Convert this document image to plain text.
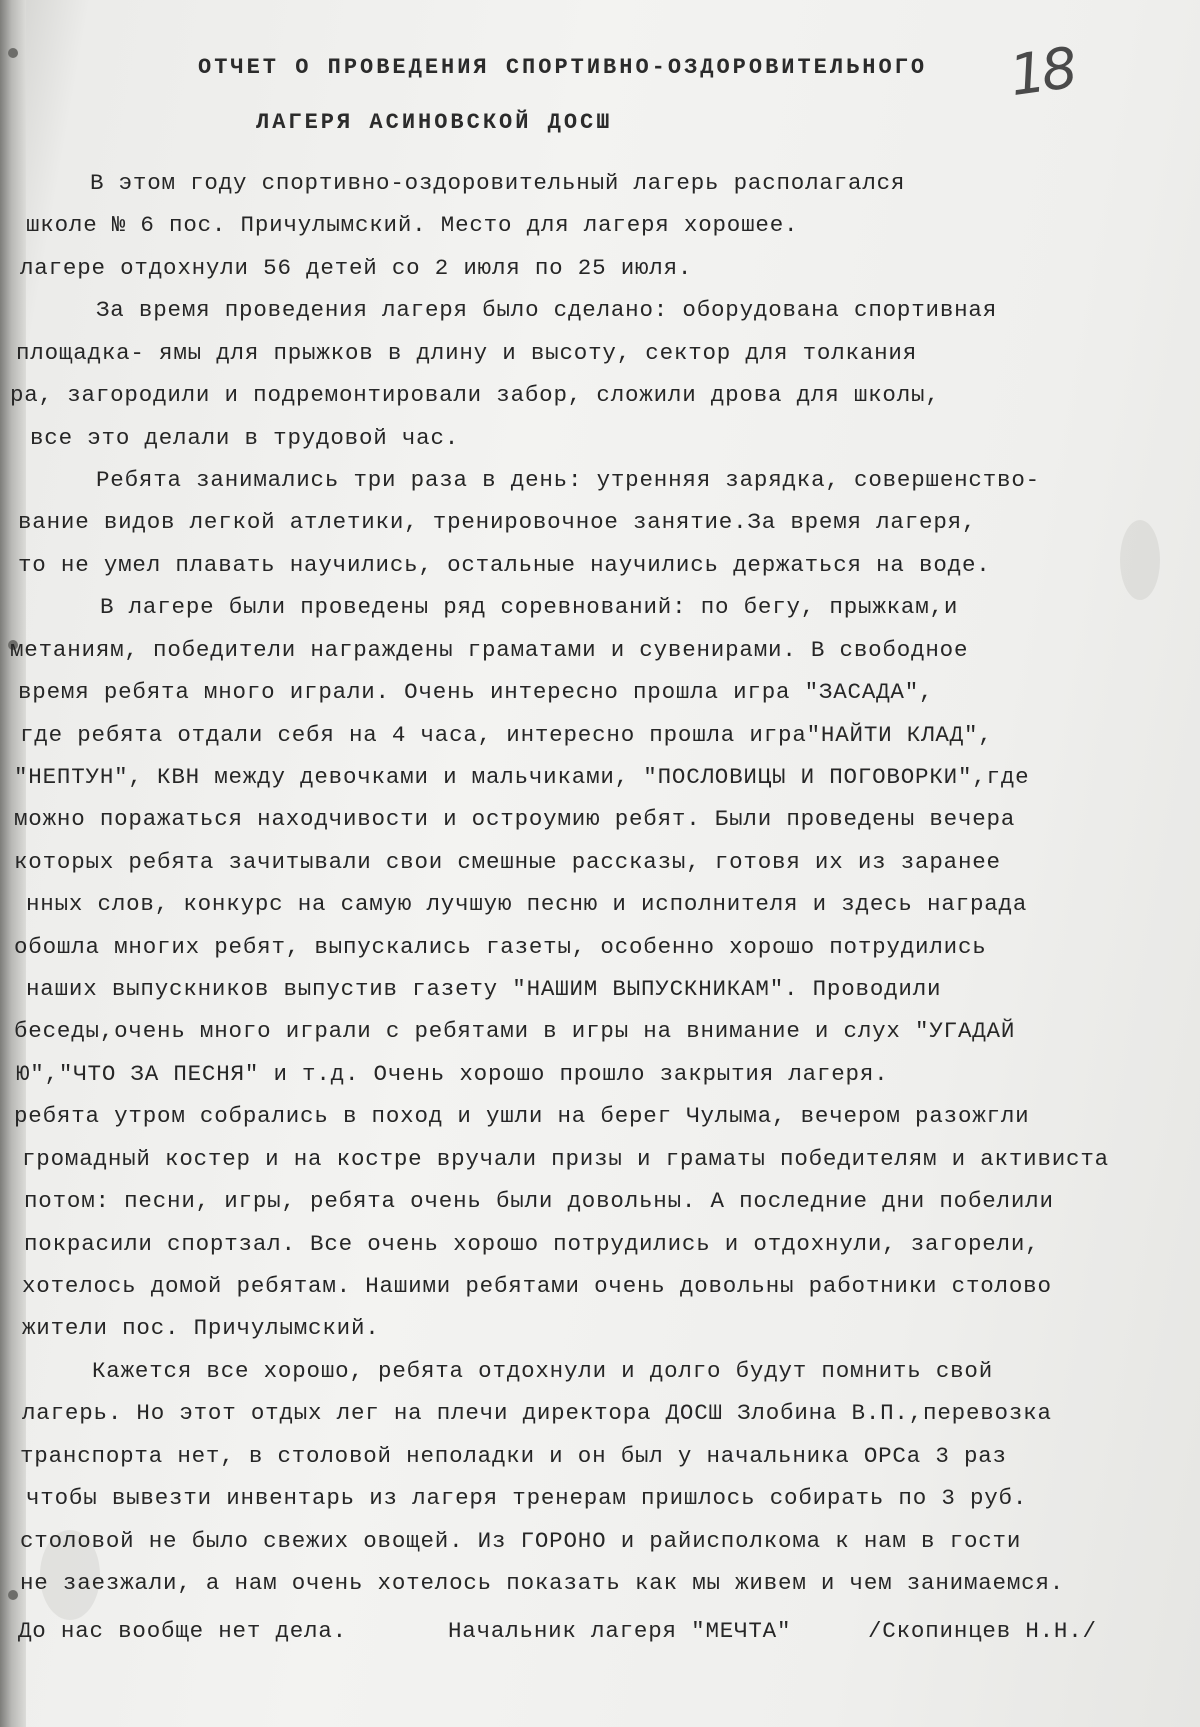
18
ОТЧЕТ О ПРОВЕДЕНИЯ СПОРТИВНО-ОЗДОРОВИТЕЛЬНОГО
ЛАГЕРЯ АСИНОВСКОЙ ДОСШ
В этом году спортивно-оздоровительный лагерь располагался
школе № 6 пос. Причулымский. Место для лагеря хорошее.
лагере отдохнули 56 детей со 2 июля по 25 июля.
За время проведения лагеря было сделано: оборудована спортивная
площадка- ямы для прыжков в длину и высоту, сектор для толкания
ра, загородили и подремонтировали забор, сложили дрова для школы,
все это делали в трудовой час.
Ребята занимались три раза в день: утренняя зарядка, совершенство-
вание видов легкой атлетики, тренировочное занятие.За время лагеря,
то не умел плавать научились, остальные научились держаться на воде.
В лагере были проведены ряд соревнований: по бегу, прыжкам,и
метаниям, победители награждены граматами и сувенирами. В свободное
время ребята много играли. Очень интересно прошла игра "ЗАСАДА",
где ребята отдали себя на 4 часа, интересно прошла игра"НАЙТИ КЛАД",
"НЕПТУН", КВН между девочками и мальчиками, "ПОСЛОВИЦЫ И ПОГОВОРКИ",где
можно поражаться находчивости и остроумию ребят. Были проведены вечера
которых ребята зачитывали свои смешные рассказы, готовя их из заранее
нных слов, конкурс на самую лучшую песню и исполнителя и здесь награда
обошла многих ребят, выпускались газеты, особенно хорошо потрудились
наших выпускников выпустив газету "НАШИМ ВЫПУСКНИКАМ". Проводили
беседы,очень много играли с ребятами в игры на внимание и слух "УГАДАЙ
Ю","ЧТО ЗА ПЕСНЯ" и т.д. Очень хорошо прошло закрытия лагеря.
ребята утром собрались в поход и ушли на берег Чулыма, вечером разожгли
громадный костер и на костре вручали призы и граматы победителям и активиста
потом: песни, игры, ребята очень были довольны. А последние дни побелили
покрасили спортзал. Все очень хорошо потрудились и отдохнули, загорели,
хотелось домой ребятам. Нашими ребятами очень довольны работники столово
жители пос. Причулымский.
Кажется все хорошо, ребята отдохнули и долго будут помнить свой
лагерь. Но этот отдых лег на плечи директора ДОСШ Злобина В.П.,перевозка
транспорта нет, в столовой неполадки и он был у начальника ОРСа 3 раз
чтобы вывезти инвентарь из лагеря тренерам пришлось собирать по 3 руб.
столовой не было свежих овощей. Из ГОРОНО и райисполкома к нам в гости
не заезжали, а нам очень хотелось показать как мы живем и чем занимаемся.
До нас вообще нет дела.	Начальник лагеря "МЕЧТА"	/Скопинцев Н.Н./
